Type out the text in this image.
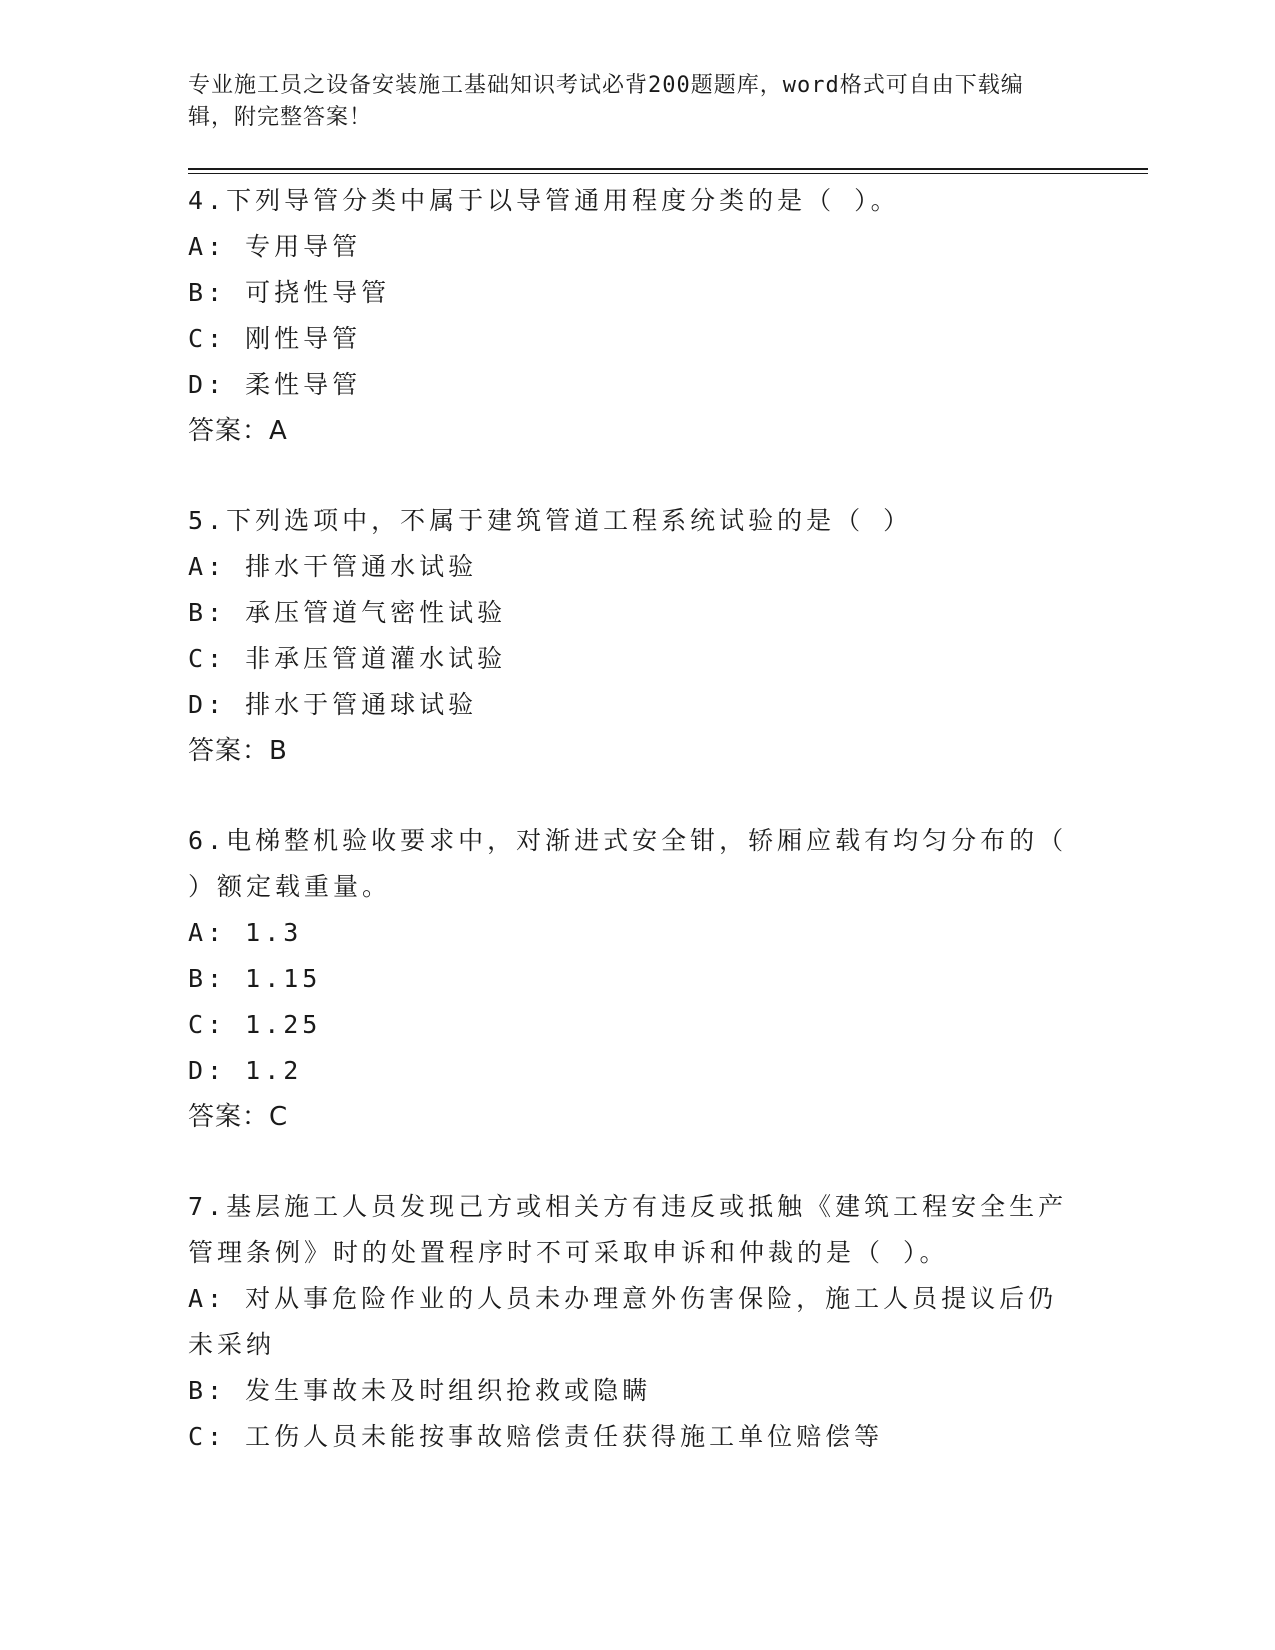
专业施工员之设备安装施工基础知识考试必背200题题库，word格式可自由下载编辑，附完整答案！

4.下列导管分类中属于以导管通用程度分类的是（ ）。

A: 专用导管

B: 可挠性导管

C: 刚性导管

D: 柔性导管

答案：A

5.下列选项中，不属于建筑管道工程系统试验的是（ ）

A: 排水干管通水试验

B: 承压管道气密性试验

C: 非承压管道灌水试验

D: 排水于管通球试验

答案：B

6.电梯整机验收要求中，对渐进式安全钳，轿厢应载有均匀分布的（ ）额定载重量。

A: 1.3

B: 1.15

C: 1.25

D: 1.2

答案：C

7.基层施工人员发现己方或相关方有违反或抵触《建筑工程安全生产管理条例》时的处置程序时不可采取申诉和仲裁的是（ ）。

A: 对从事危险作业的人员未办理意外伤害保险，施工人员提议后仍未采纳

B: 发生事故未及时组织抢救或隐瞒

C: 工伤人员未能按事故赔偿责任获得施工单位赔偿等
